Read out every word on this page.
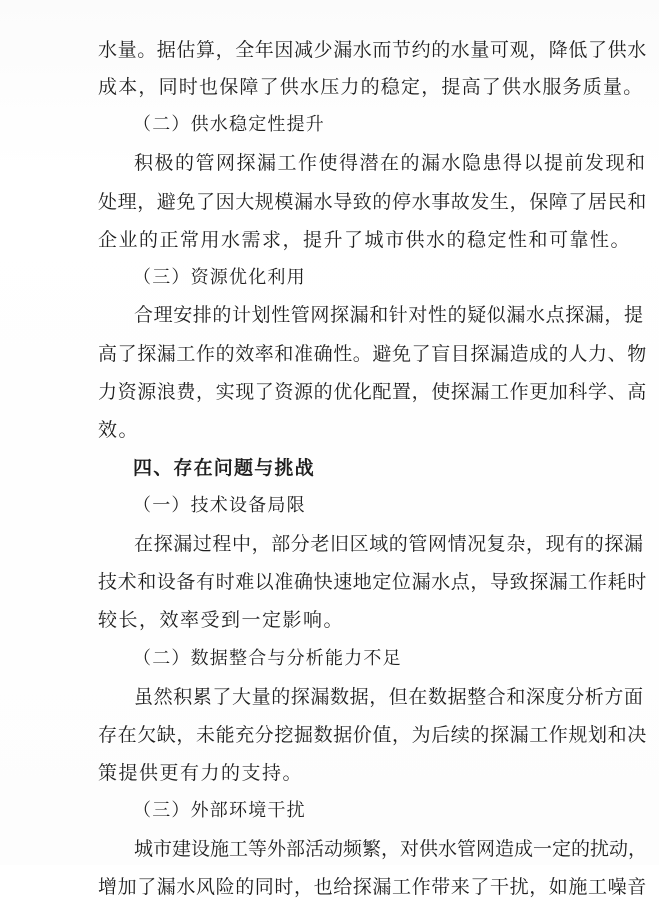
水量。据估算，全年因减少漏水而节约的水量可观，降低了供水
成本，同时也保障了供水压力的稳定，提高了供水服务质量。
（二）供水稳定性提升
积极的管网探漏工作使得潜在的漏水隐患得以提前发现和
处理，避免了因大规模漏水导致的停水事故发生，保障了居民和
企业的正常用水需求，提升了城市供水的稳定性和可靠性。
（三）资源优化利用
合理安排的计划性管网探漏和针对性的疑似漏水点探漏，提
高了探漏工作的效率和准确性。避免了盲目探漏造成的人力、物
力资源浪费，实现了资源的优化配置，使探漏工作更加科学、高
效。
四、存在问题与挑战
（一）技术设备局限
在探漏过程中，部分老旧区域的管网情况复杂，现有的探漏
技术和设备有时难以准确快速地定位漏水点，导致探漏工作耗时
较长，效率受到一定影响。
（二）数据整合与分析能力不足
虽然积累了大量的探漏数据，但在数据整合和深度分析方面
存在欠缺，未能充分挖掘数据价值，为后续的探漏工作规划和决
策提供更有力的支持。
（三）外部环境干扰
城市建设施工等外部活动频繁，对供水管网造成一定的扰动，
增加了漏水风险的同时，也给探漏工作带来了干扰，如施工噪音
